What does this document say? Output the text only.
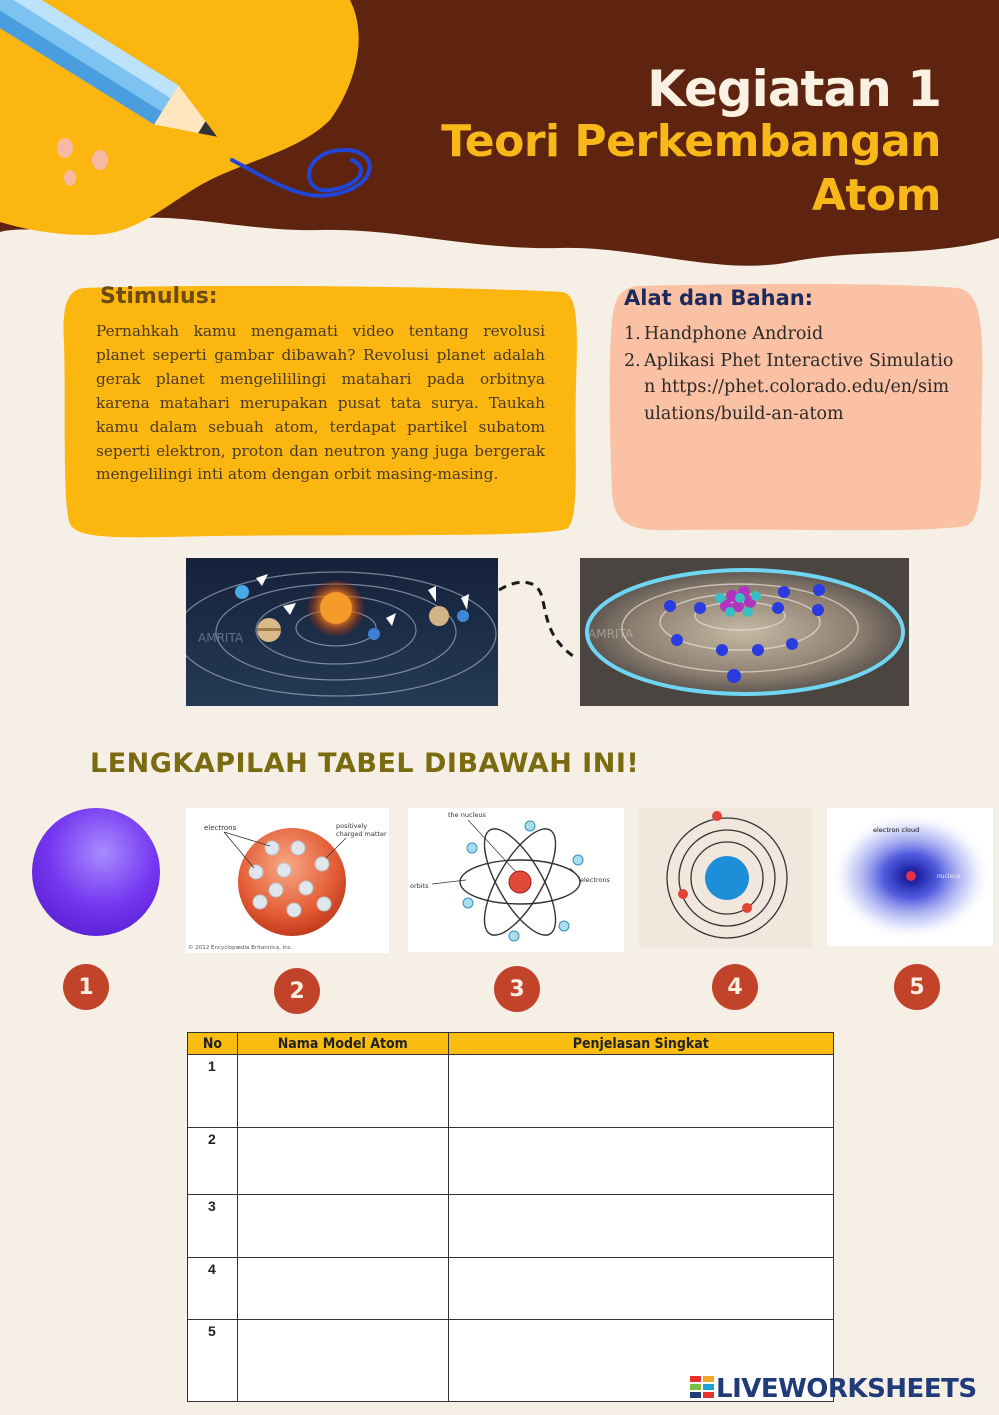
Kegiatan 1
Teori Perkembangan
Atom
Stimulus:
Pernahkah kamu mengamati video tentang revolusi planet seperti gambar dibawah? Revolusi planet adalah gerak planet mengelililingi matahari pada orbitnya karena matahari merupakan pusat tata surya. Taukah kamu dalam sebuah atom, terdapat partikel subatom seperti elektron, proton dan neutron yang juga bergerak mengelilingi inti atom dengan orbit masing-masing.
Alat dan Bahan:
1. Handphone Android
2. Aplikasi Phet Interactive Simulation https://phet.colorado.edu/en/simulations/build-an-atom
AMRITA	AMRITA
LENGKAPILAH TABEL DIBAWAH INI!
electrons	positively charged matter
© 2012 Encyclopædia Britannica, Inc.
the nucleus
orbits
electrons
electron cloud
nucleus
1	2	3	4	5
No	Nama Model Atom	Penjelasan Singkat
1		
2		
3		
4		
5		
LIVEWORKSHEETS
